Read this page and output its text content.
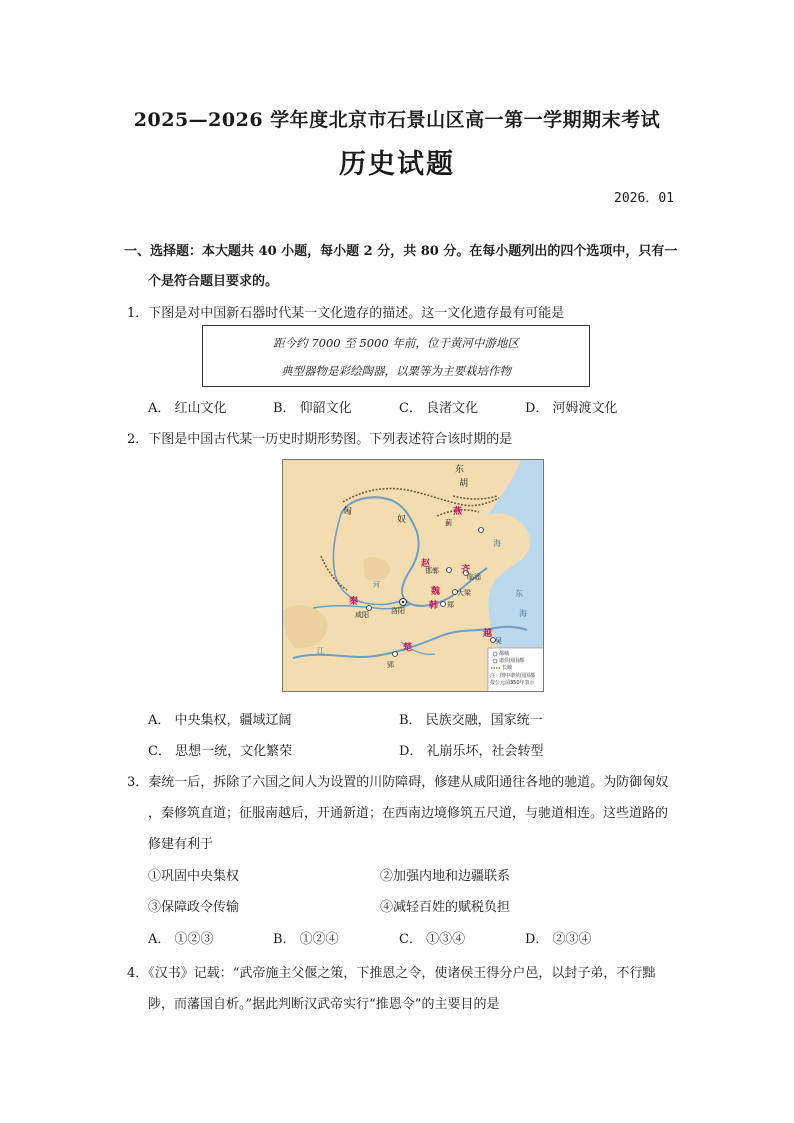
2025—2026 学年度北京市石景山区高一第一学期期末考试
历史试题
2026．01
一、选择题：本大题共 40 小题，每小题 2 分，共 80 分。在每小题列出的四个选项中，只有一
个是符合题目要求的。
1．下图是对中国新石器时代某一文化遗存的描述。这一文化遗存最有可能是
距今约 7000 至 5000 年前，位于黄河中游地区
典型器物是彩绘陶器，以粟等为主要栽培作物
A． 红山文化	B． 仰韶文化	C． 良渚文化	D． 河姆渡文化
2．下图是中国古代某一历史时期形势图。下列表述符合该时期的是
匈
奴
东
胡
燕
蓟
赵
邯郸 齐
临淄
魏 大梁
韩 郑
秦
咸阳	洛阳
楚
郢
越
吴
海
东
海
河
江	都城
诸侯国国都
长城
注：图中诸侯国国都
按公元前350年表示
A． 中央集权，疆域辽阔	B． 民族交融，国家统一
C． 思想一统，文化繁荣	D． 礼崩乐坏，社会转型
3．秦统一后，拆除了六国之间人为设置的川防障碍，修建从咸阳通往各地的驰道。为防御匈奴
，秦修筑直道；征服南越后，开通新道；在西南边境修筑五尺道，与驰道相连。这些道路的
修建有利于
①巩固中央集权	②加强内地和边疆联系
③保障政令传输	④减轻百姓的赋税负担
A． ①②③	B． ①②④	C． ①③④	D． ②③④
4．《汉书》记载：“武帝施主父偃之策，下推恩之令，使诸侯王得分户邑，以封子弟，不行黜
陟，而藩国自析。”据此判断汉武帝实行“推恩令”的主要目的是
